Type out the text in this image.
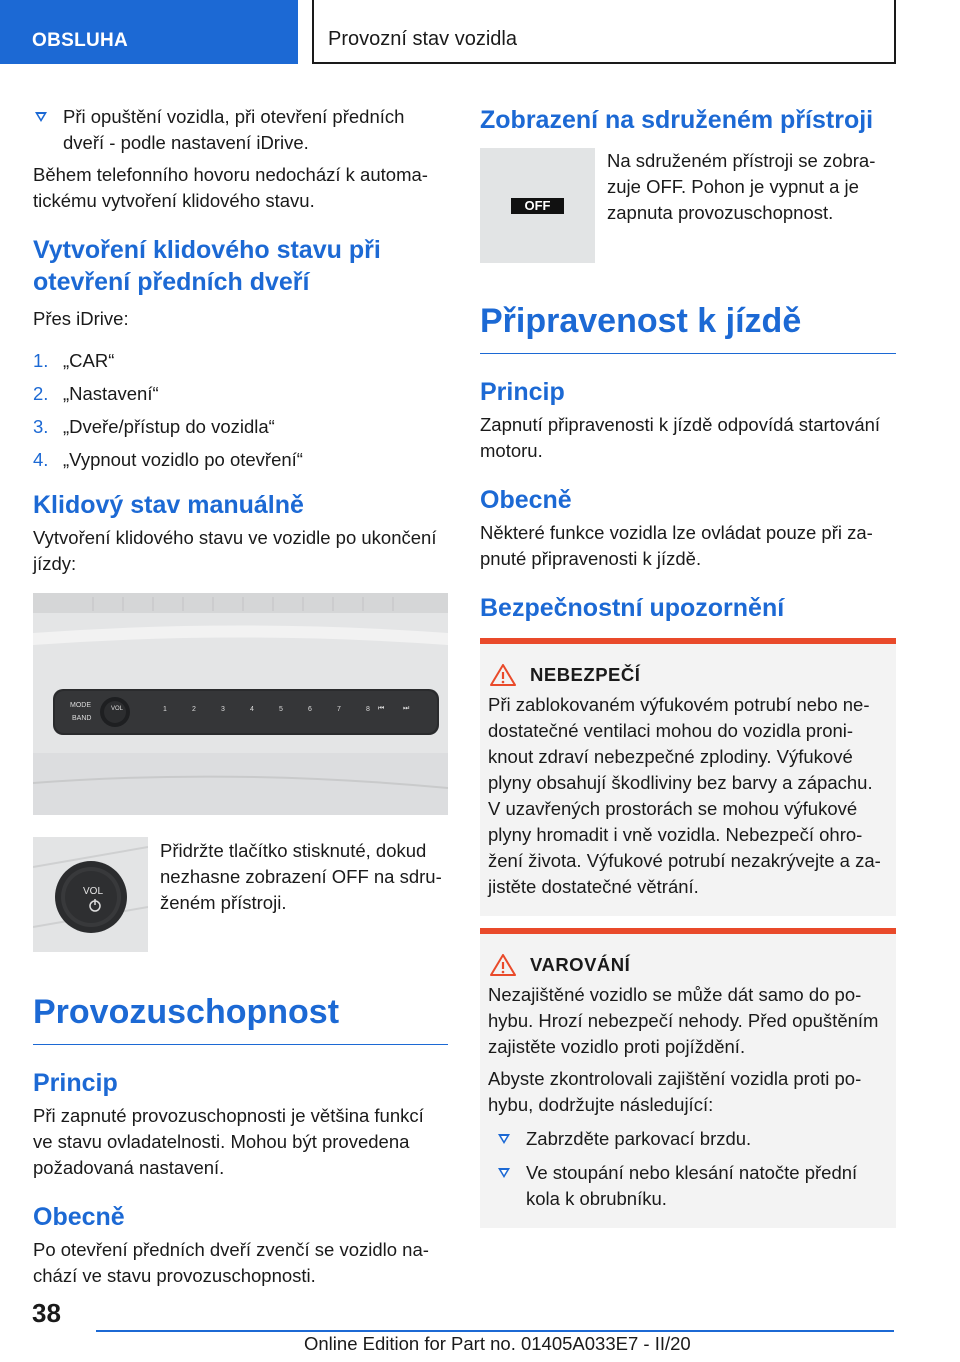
OBSLUHA	Provozní stav vozidla
Při opuštění vozidla, při otevření předních dveří - podle nastavení iDrive.

Během telefonního hovoru nedochází k automatickému vytvoření klidového stavu.

Vytvoření klidového stavu při otevření předních dveří

Přes iDrive:

1. „CAR“
2. „Nastavení“
3. „Dveře/přístup do vozidla“
4. „Vypnout vozidlo po otevření“
Klidový stav manuálně

Vytvoření klidového stavu ve vozidle po ukončení jízdy:

MODE
BAND
VOL	1	2	3	4	5	6	7	8 ⏮	⏭
VOL

Přidržte tlačítko stisknuté, dokud nezhasne zobrazení OFF na sdruženém přístroji.

Provozuschopnost
Princip

Při zapnuté provozuschopnosti je většina funkcí ve stavu ovladatelnosti. Mohou být provedena požadovaná nastavení.

Obecně

Po otevření předních dveří zvenčí se vozidlo nachází ve stavu provozuschopnosti.

Zobrazení na sdruženém přístroji
OFF

Na sdruženém přístroji se zobrazuje OFF. Pohon je vypnut a je zapnuta provozuschopnost.

Připravenost k jízdě
Princip

Zapnutí připravenosti k jízdě odpovídá startování motoru.

Obecně

Některé funkce vozidla lze ovládat pouze při zapnuté připravenosti k jízdě.

Bezpečnostní upozornění
NEBEZPEČÍ

Při zablokovaném výfukovém potrubí nebo nedostatečné ventilaci mohou do vozidla proniknout zdraví nebezpečné zplodiny. Výfukové plyny obsahují škodliviny bez barvy a zápachu. V uzavřených prostorách se mohou výfukové plyny hromadit i vně vozidla. Nebezpečí ohrožení života. Výfukové potrubí nezakrývejte a zajistěte dostatečné větrání.

VAROVÁNÍ

Nezajištěné vozidlo se může dát samo do pohybu. Hrozí nebezpečí nehody. Před opuštěním zajistěte vozidlo proti pojíždění.

Abyste zkontrolovali zajištění vozidla proti pohybu, dodržujte následující:

Zabrzděte parkovací brzdu.
Ve stoupání nebo klesání natočte přední kola k obrubníku.
38
Online Edition for Part no. 01405A033E7 - II/20
